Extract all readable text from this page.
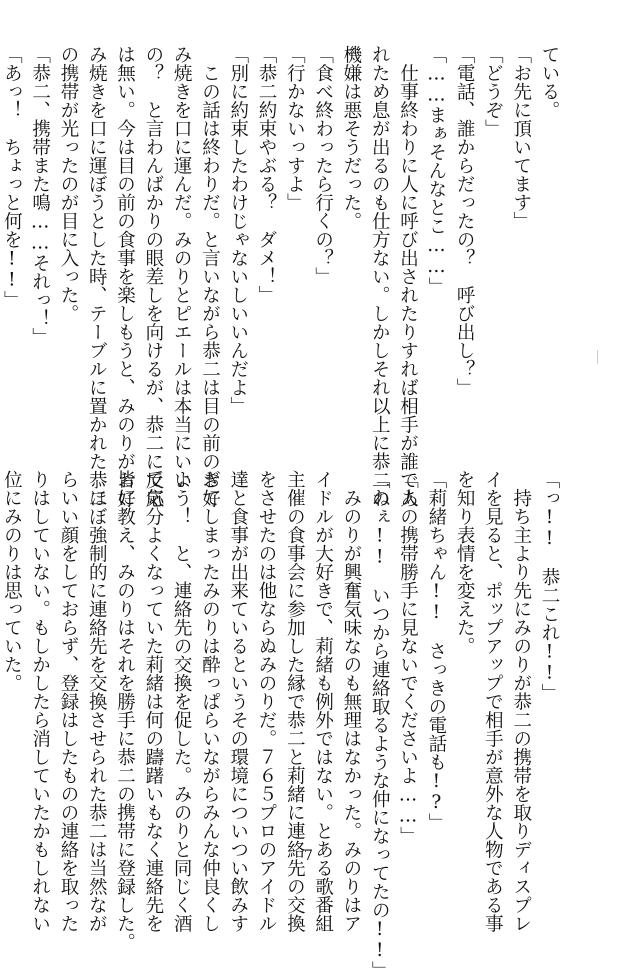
ている。
「お先に頂いてます」
「どうぞ」
「電話、誰からだったの？　呼び出し？」
「……まぁそんなとこ……」
　仕事終わりに人に呼び出されたりすれば相手が誰であ
れため息が出るのも仕方ない。しかしそれ以上に恭二の
機嫌は悪そうだった。
「食べ終わったら行くの？」
「行かないっすよ」
「恭二約束やぶる？　ダメ！」
「別に約束したわけじゃないしいいんだよ」
　この話は終わりだ。と言いながら恭二は目の前のお好
み焼きを口に運んだ。みのりとピエールは本当にいい
の？　と言わんばかりの眼差しを向けるが、恭二に反応
は無い。今は目の前の食事を楽しもうと、みのりがお好
み焼きを口に運ぼうとした時、テーブルに置かれた恭二
の携帯が光ったのが目に入った。
「恭二、携帯また鳴……それっ！」
「あっ！　ちょっと何を!!」
「っ!!　恭二これ!!」
　持ち主より先にみのりが恭二の携帯を取りディスプレ
イを見ると、ポップアップで相手が意外な人物である事
を知り表情を変えた。
「莉緒ちゃん!!　さっきの電話も!?」
「人の携帯勝手に見ないでくださいよ……」
「ねぇ!!　いつから連絡取るような仲になってたの!!」
　みのりが興奮気味なのも無理はなかった。みのりはア
イドルが大好きで、莉緒も例外ではない。とある歌番組
主催の食事会に参加した縁で恭二と莉緒に連絡先の交換
をさせたのは他ならぬみのりだ。７６５プロのアイドル
達と食事が出来ているというその環境についつい飲みす
ぎてしまったみのりは酔っぱらいながらみんな仲良くし
よう！　と、連絡先の交換を促した。みのりと同じく酒
で気分よくなっていた莉緒は何の躊躇いもなく連絡先を
皆に教え、みのりはそれを勝手に恭二の携帯に登録した。
　ほぼ強制的に連絡先を交換させられた恭二は当然なが
らいい顔をしておらず、登録はしたものの連絡を取った
りはしていない。もしかしたら消していたかもしれない
位にみのりは思っていた。
7
